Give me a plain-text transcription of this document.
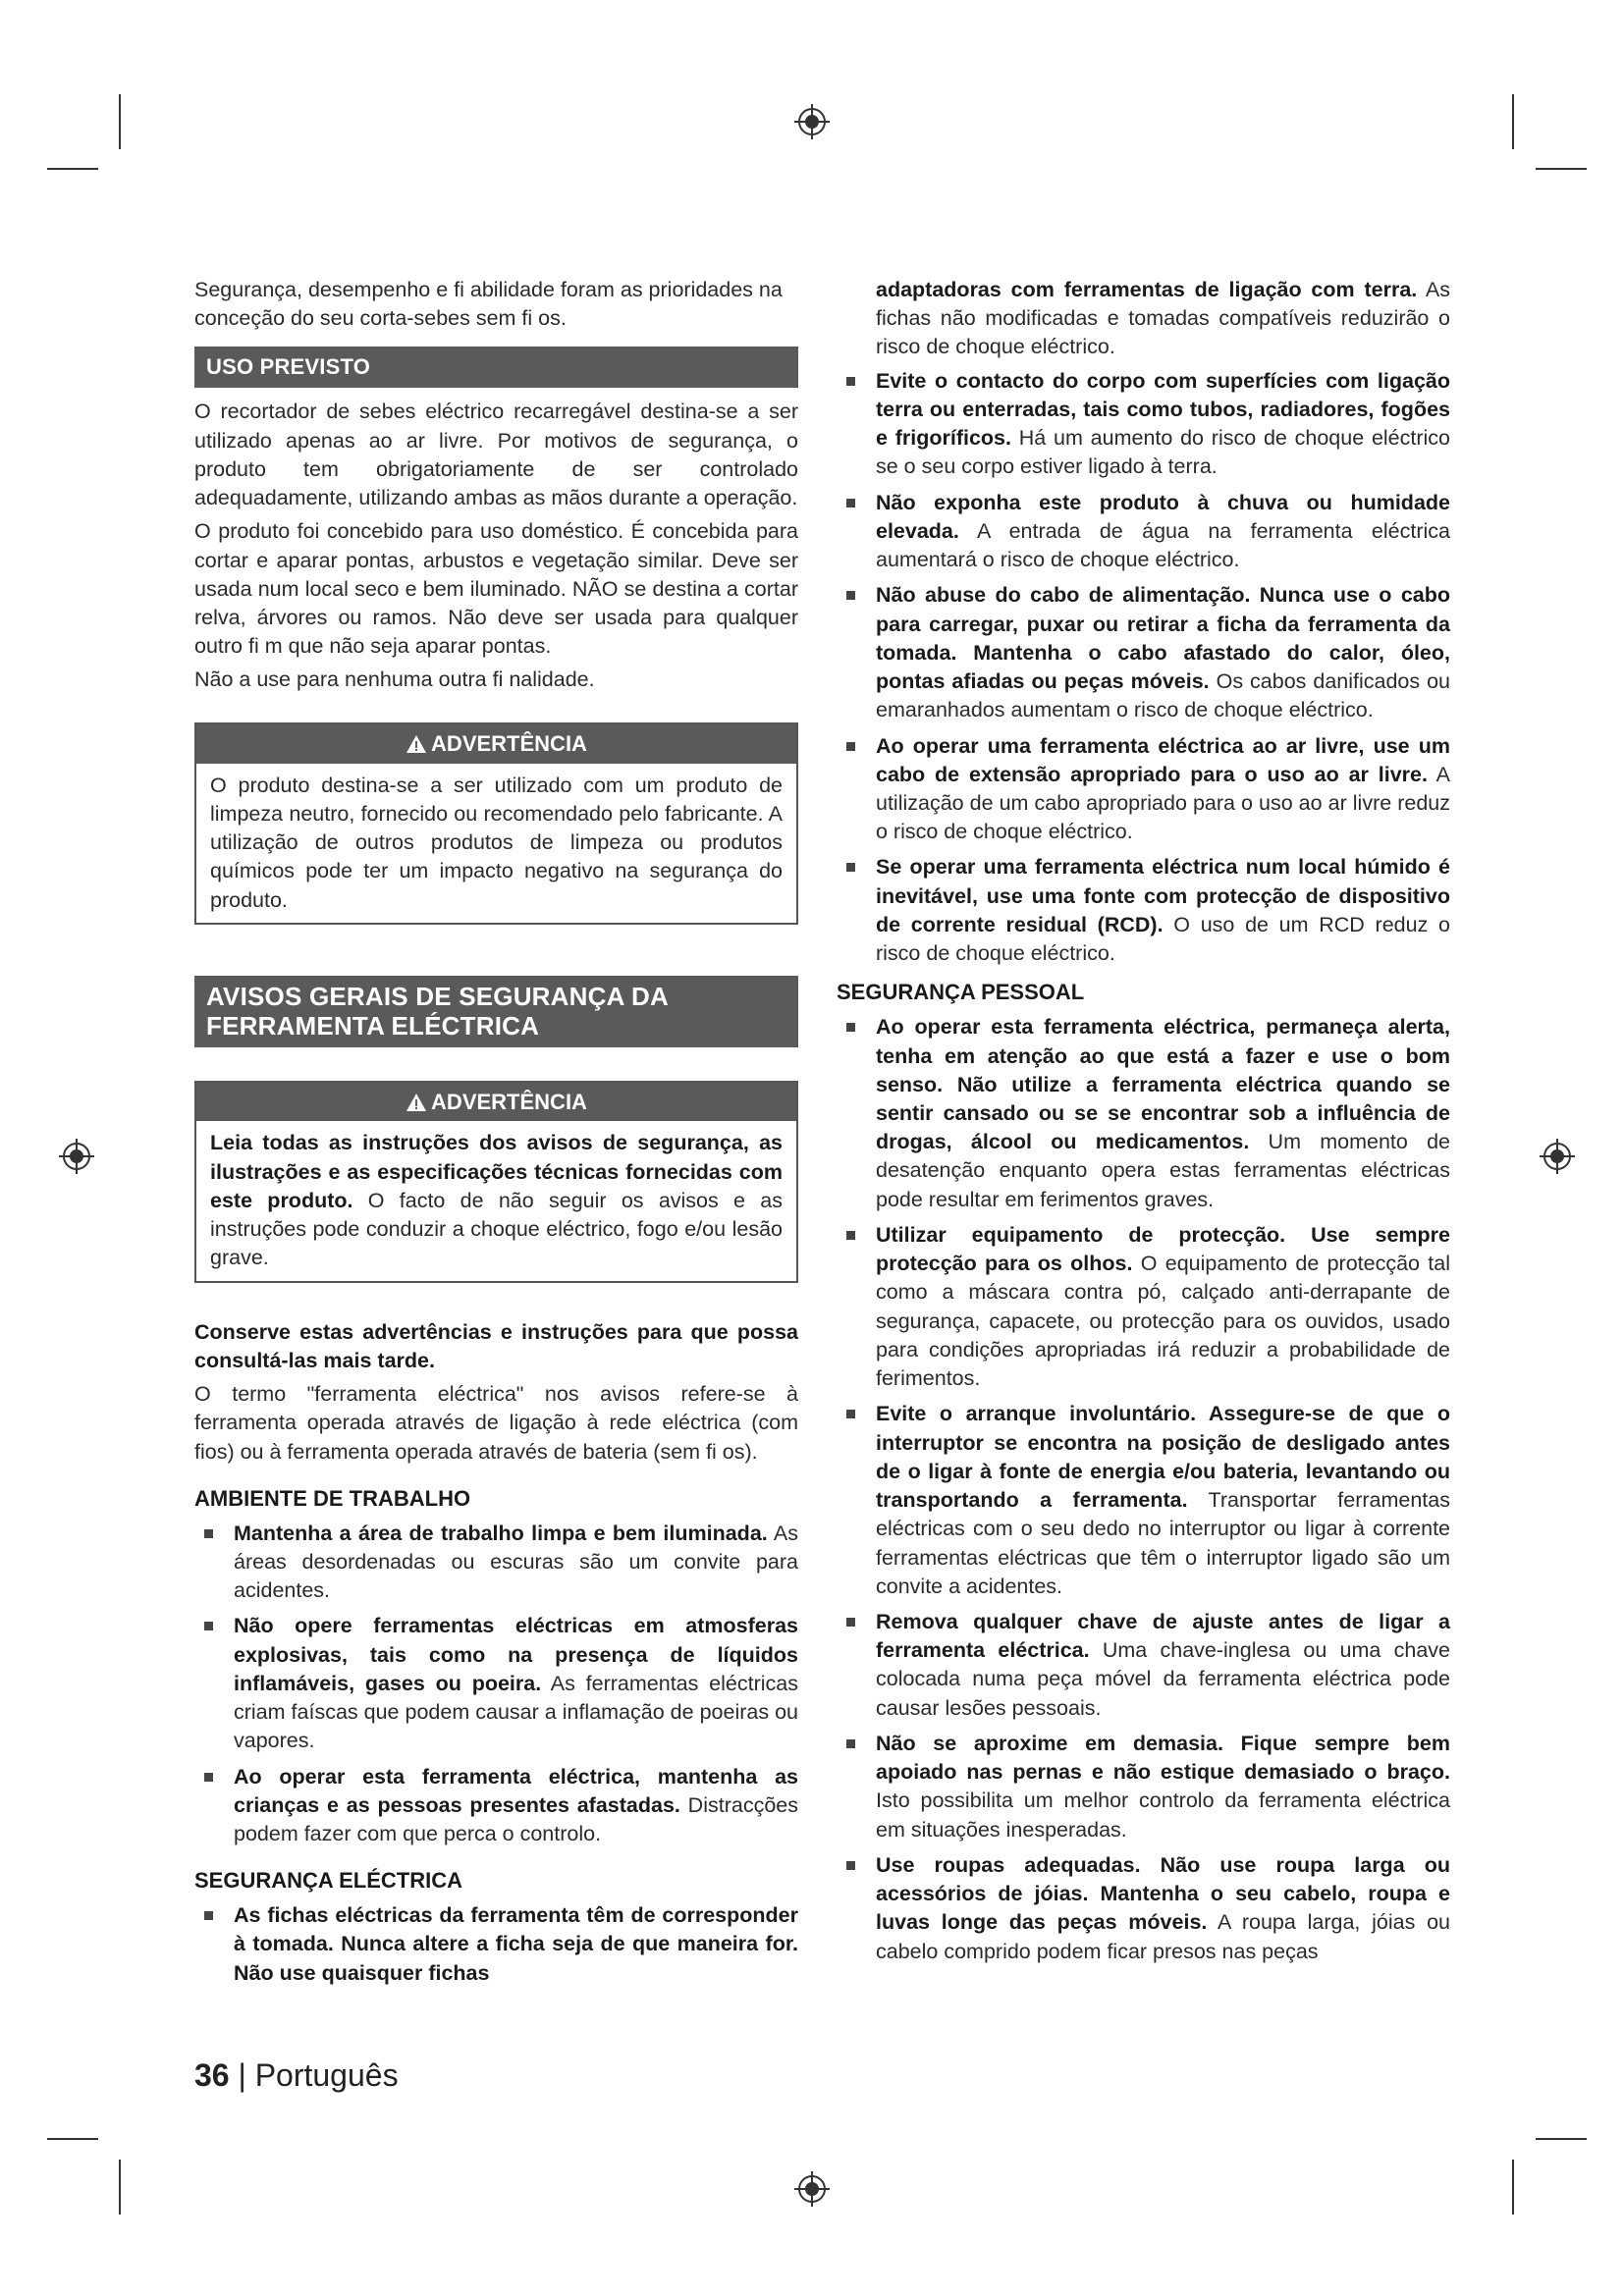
Segurança, desempenho e fi abilidade foram as prioridades na conceção do seu corta-sebes sem fi os.

USO PREVISTO

O recortador de sebes eléctrico recarregável destina-se a ser utilizado apenas ao ar livre. Por motivos de segurança, o produto tem obrigatoriamente de ser controlado adequadamente, utilizando ambas as mãos durante a operação.

O produto foi concebido para uso doméstico. É concebida para cortar e aparar pontas, arbustos e vegetação similar. Deve ser usada num local seco e bem iluminado. NÃO se destina a cortar relva, árvores ou ramos. Não deve ser usada para qualquer outro fi m que não seja aparar pontas.

Não a use para nenhuma outra fi nalidade.

ADVERTÊNCIA

O produto destina-se a ser utilizado com um produto de limpeza neutro, fornecido ou recomendado pelo fabricante. A utilização de outros produtos de limpeza ou produtos químicos pode ter um impacto negativo na segurança do produto.

AVISOS GERAIS DE SEGURANÇA DA FERRAMENTA ELÉCTRICA
ADVERTÊNCIA

Leia todas as instruções dos avisos de segurança, as ilustrações e as especificações técnicas fornecidas com este produto. O facto de não seguir os avisos e as instruções pode conduzir a choque eléctrico, fogo e/ou lesão grave.

Conserve estas advertências e instruções para que possa consultá-las mais tarde.

O termo "ferramenta eléctrica" nos avisos refere-se à ferramenta operada através de ligação à rede eléctrica (com fios) ou à ferramenta operada através de bateria (sem fi os).

AMBIENTE DE TRABALHO

Mantenha a área de trabalho limpa e bem iluminada. As áreas desordenadas ou escuras são um convite para acidentes.

Não opere ferramentas eléctricas em atmosferas explosivas, tais como na presença de líquidos inflamáveis, gases ou poeira. As ferramentas eléctricas criam faíscas que podem causar a inflamação de poeiras ou vapores.

Ao operar esta ferramenta eléctrica, mantenha as crianças e as pessoas presentes afastadas. Distracções podem fazer com que perca o controlo.

SEGURANÇA ELÉCTRICA

As fichas eléctricas da ferramenta têm de corresponder à tomada. Nunca altere a ficha seja de que maneira for. Não use quaisquer fichas

adaptadoras com ferramentas de ligação com terra. As fichas não modificadas e tomadas compatíveis reduzirão o risco de choque eléctrico.

Evite o contacto do corpo com superfícies com ligação terra ou enterradas, tais como tubos, radiadores, fogões e frigoríficos. Há um aumento do risco de choque eléctrico se o seu corpo estiver ligado à terra.

Não exponha este produto à chuva ou humidade elevada. A entrada de água na ferramenta eléctrica aumentará o risco de choque eléctrico.

Não abuse do cabo de alimentação. Nunca use o cabo para carregar, puxar ou retirar a ficha da ferramenta da tomada. Mantenha o cabo afastado do calor, óleo, pontas afiadas ou peças móveis. Os cabos danificados ou emaranhados aumentam o risco de choque eléctrico.

Ao operar uma ferramenta eléctrica ao ar livre, use um cabo de extensão apropriado para o uso ao ar livre. A utilização de um cabo apropriado para o uso ao ar livre reduz o risco de choque eléctrico.

Se operar uma ferramenta eléctrica num local húmido é inevitável, use uma fonte com protecção de dispositivo de corrente residual (RCD). O uso de um RCD reduz o risco de choque eléctrico.

SEGURANÇA PESSOAL

Ao operar esta ferramenta eléctrica, permaneça alerta, tenha em atenção ao que está a fazer e use o bom senso. Não utilize a ferramenta eléctrica quando se sentir cansado ou se se encontrar sob a influência de drogas, álcool ou medicamentos. Um momento de desatenção enquanto opera estas ferramentas eléctricas pode resultar em ferimentos graves.

Utilizar equipamento de protecção. Use sempre protecção para os olhos. O equipamento de protecção tal como a máscara contra pó, calçado anti-derrapante de segurança, capacete, ou protecção para os ouvidos, usado para condições apropriadas irá reduzir a probabilidade de ferimentos.

Evite o arranque involuntário. Assegure-se de que o interruptor se encontra na posição de desligado antes de o ligar à fonte de energia e/ou bateria, levantando ou transportando a ferramenta. Transportar ferramentas eléctricas com o seu dedo no interruptor ou ligar à corrente ferramentas eléctricas que têm o interruptor ligado são um convite a acidentes.

Remova qualquer chave de ajuste antes de ligar a ferramenta eléctrica. Uma chave-inglesa ou uma chave colocada numa peça móvel da ferramenta eléctrica pode causar lesões pessoais.

Não se aproxime em demasia. Fique sempre bem apoiado nas pernas e não estique demasiado o braço. Isto possibilita um melhor controlo da ferramenta eléctrica em situações inesperadas.

Use roupas adequadas. Não use roupa larga ou acessórios de jóias. Mantenha o seu cabelo, roupa e luvas longe das peças móveis. A roupa larga, jóias ou cabelo comprido podem ficar presos nas peças

36 | Português
